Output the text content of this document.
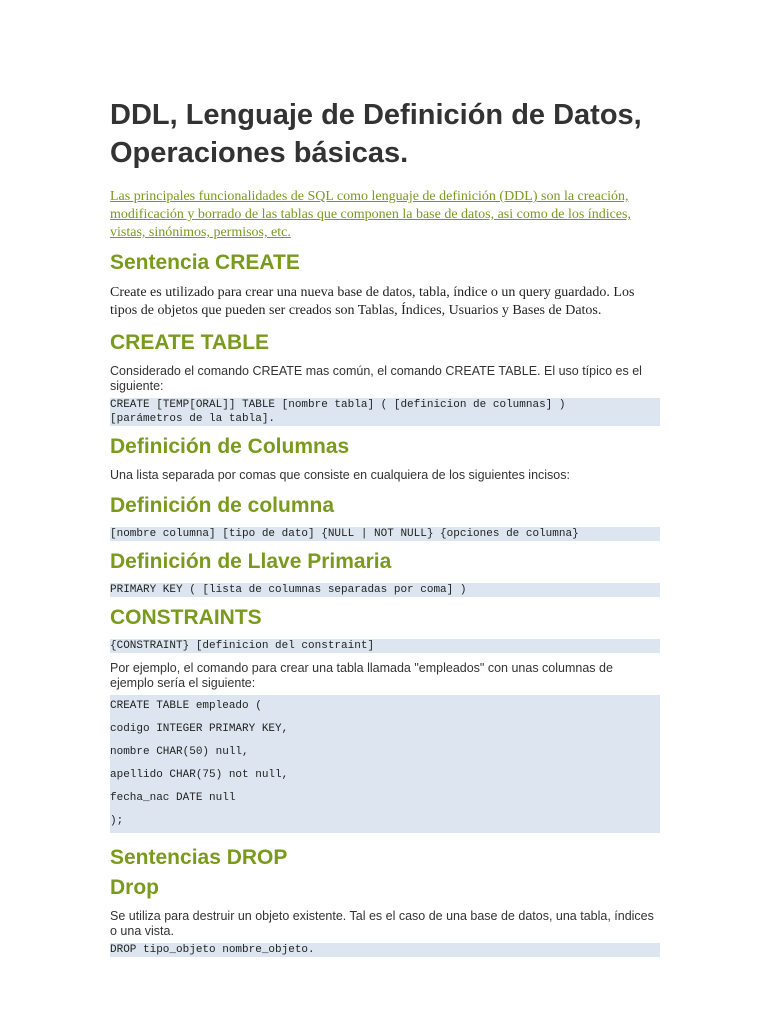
DDL, Lenguaje de Definición de Datos, Operaciones básicas.

Las principales funcionalidades de SQL como lenguaje de definición (DDL) son la creación, modificación y borrado de las tablas que componen la base de datos, asi como de los índices, vistas, sinónimos, permisos, etc.

Sentencia CREATE

Create es utilizado para crear una nueva base de datos, tabla, índice o un query guardado. Los tipos de objetos que pueden ser creados son Tablas, Índices, Usuarios y Bases de Datos.

CREATE TABLE

Considerado el comando CREATE mas común, el comando CREATE TABLE. El uso típico es el siguiente:

CREATE [TEMP[ORAL]] TABLE [nombre tabla] ( [definicion de columnas] )
[parámetros de la tabla].
Definición de Columnas

Una lista separada por comas que consiste en cualquiera de los siguientes incisos:

Definición de columna
[nombre columna] [tipo de dato] {NULL | NOT NULL} {opciones de columna}
Definición de Llave Primaria
PRIMARY KEY ( [lista de columnas separadas por coma] )
CONSTRAINTS
{CONSTRAINT} [definicion del constraint]

Por ejemplo, el comando para crear una tabla llamada "empleados" con unas columnas de ejemplo sería el siguiente:

CREATE TABLE empleado (
codigo INTEGER PRIMARY KEY,
nombre CHAR(50) null,
apellido CHAR(75) not null,
fecha_nac DATE null
);
Sentencias DROP
Drop

Se utiliza para destruir un objeto existente. Tal es el caso de una base de datos, una tabla, índices o una vista.

DROP tipo_objeto nombre_objeto.
